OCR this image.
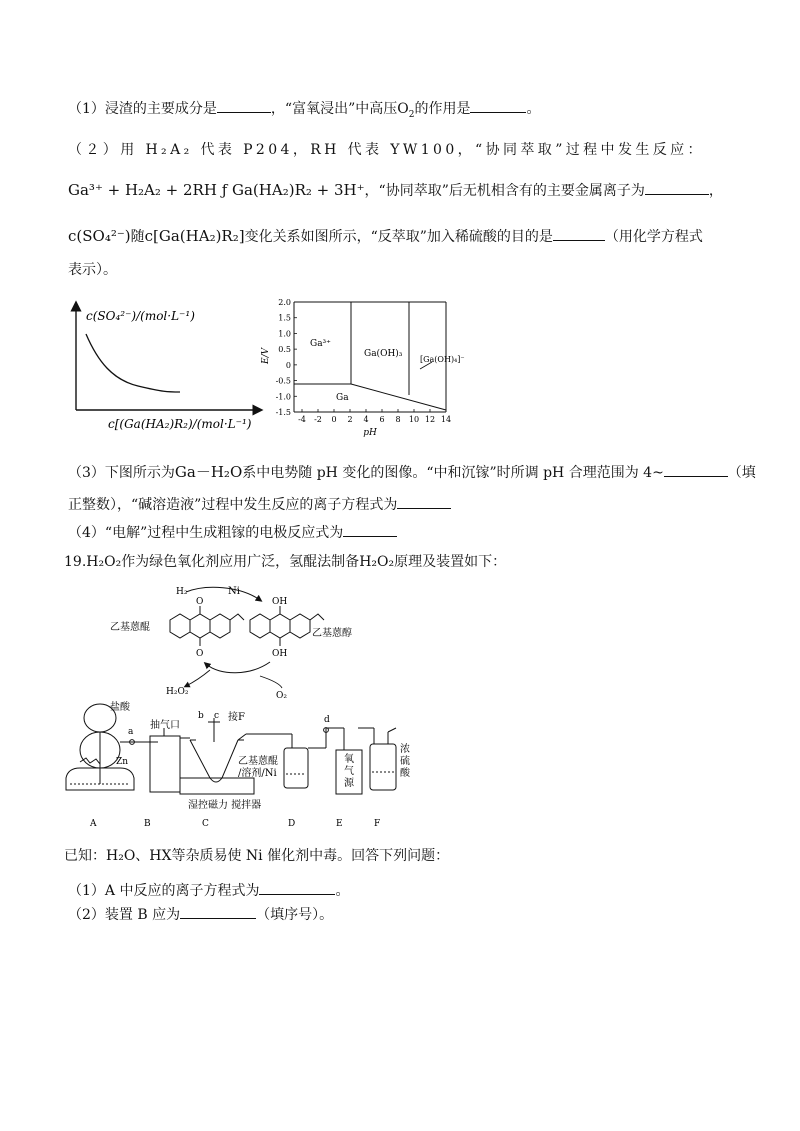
（1）浸渣的主要成分是	，“富氧浸出”中高压$O_2$的作用是	。
（２）用 H₂A₂ 代表 P204，RH 代表 YW100，“协同萃取”过程中发生反应：
Ga³⁺ + H₂A₂ + 2RH ƒ Ga(HA₂)R₂ + 3H⁺，“协同萃取”后无机相含有的主要金属离子为	，
c(SO₄²⁻)随c[Ga(HA₂)R₂]变化关系如图所示，“反萃取”加入稀硫酸的目的是	（用化学方程式
表示）。
c(SO₄²⁻)/(mol·L⁻¹)
c[(Ga(HA₂)R₂)/(mol·L⁻¹)
2.0
1.5
1.0
0.5
0
-0.5
-1.0
-1.5
-4 -2 0 2 4 6 8 10 12 14
Ga³⁺
Ga(OH)₃
[Ga(OH)₄]⁻
Ga
E/V
pH
（3）下图所示为Ga－H₂O系中电势随 pH 变化的图像。“中和沉镓”时所调 pH 合理范围为 4~	（填
正整数），“碱溶造液”过程中发生反应的离子方程式为
（4）“电解”过程中生成粗镓的电极反应式为
19.H₂O₂作为绿色氧化剂应用广泛，氢醌法制备H₂O₂原理及装置如下：
H₂	Ni
O
O
乙基蒽醌
OH
OH
乙基蒽醇
H₂O₂	O₂
盐酸
Zn
a
抽气口
b c 接F
乙基蒽醌
/溶剂/Ni
湿控磁力 搅拌器
d
氧气源
浓硫酸
A	B	C	D	E	F
已知：H₂O、HX等杂质易使 Ni 催化剂中毒。回答下列问题：
（1）A 中反应的离子方程式为	。
（2）装置 B 应为	（填序号）。
